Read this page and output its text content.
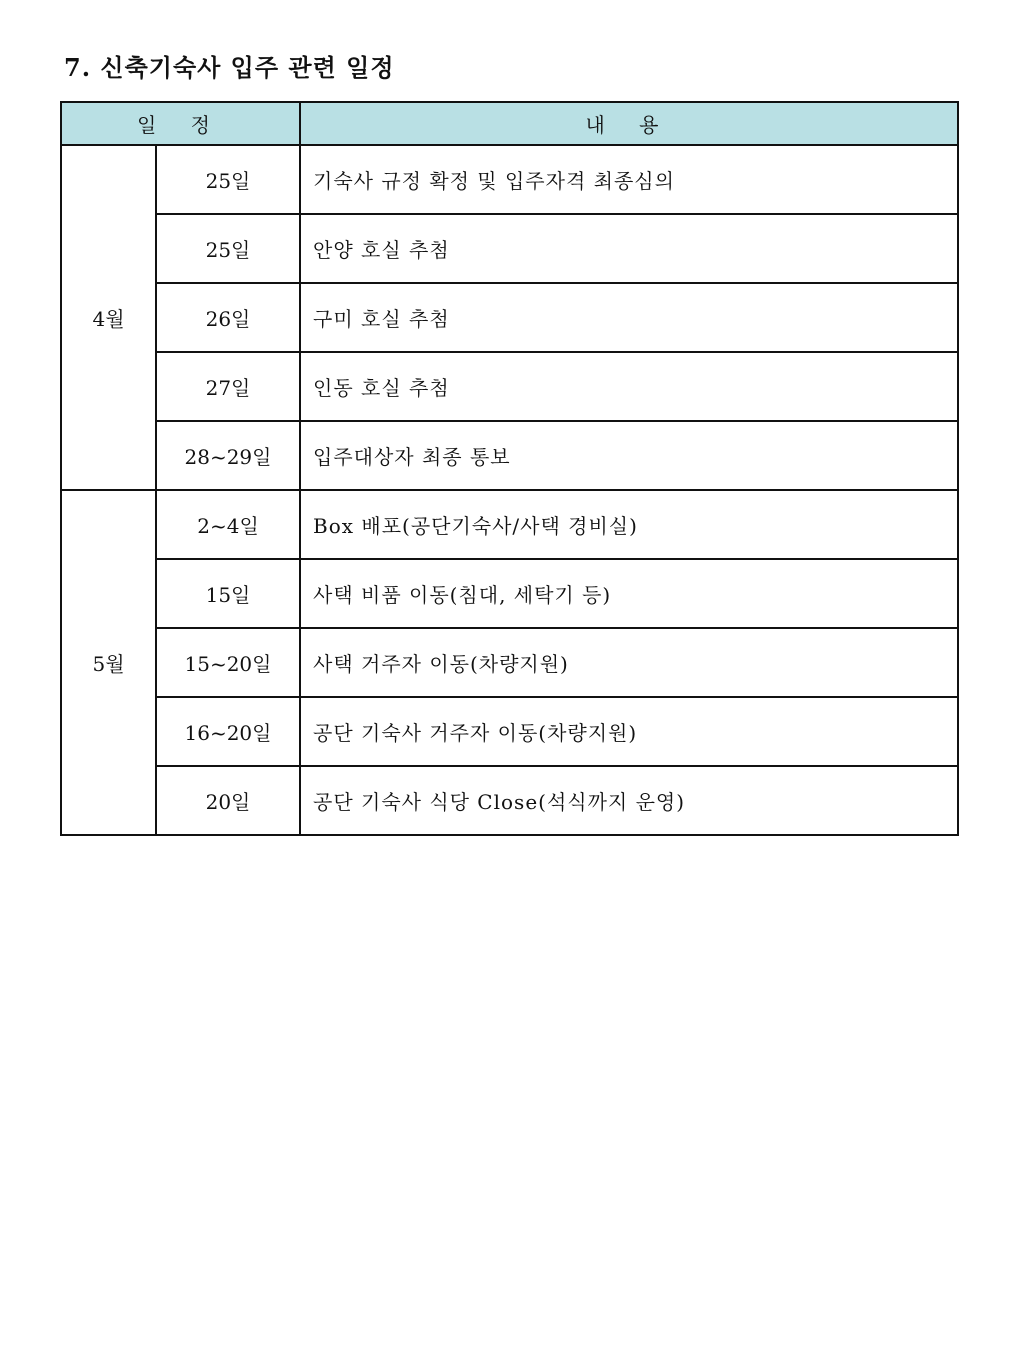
7. 신축기숙사 입주 관련 일정
일 정		내 용
4월	25일	기숙사 규정 확정 및 입주자격 최종심의
	25일	안양 호실 추첨
	26일	구미 호실 추첨
	27일	인동 호실 추첨
	28~29일	입주대상자 최종 통보
5월	2~4일	Box 배포(공단기숙사/사택 경비실)
	15일	사택 비품 이동(침대, 세탁기 등)
	15~20일	사택 거주자 이동(차량지원)
	16~20일	공단 기숙사 거주자 이동(차량지원)
	20일	공단 기숙사 식당 Close(석식까지 운영)
